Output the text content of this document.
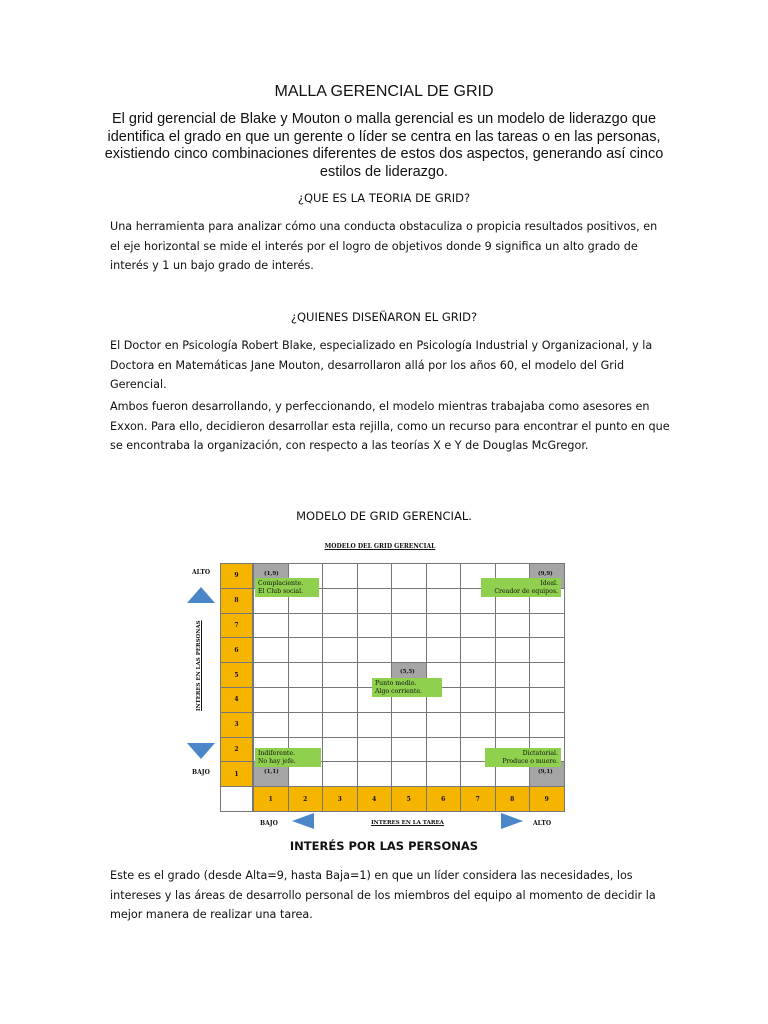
MALLA GERENCIAL DE GRID

El grid gerencial de Blake y Mouton o malla gerencial es un modelo de liderazgo que identifica el grado en que un gerente o líder se centra en las tareas o en las personas, existiendo cinco combinaciones diferentes de estos dos aspectos, generando así cinco estilos de liderazgo.

¿QUE ES LA TEORIA DE GRID?

Una herramienta para analizar cómo una conducta obstaculiza o propicia resultados positivos, en el eje horizontal se mide el interés por el logro de objetivos donde 9 significa un alto grado de interés y 1 un bajo grado de interés.

¿QUIENES DISEÑARON EL GRID?

El Doctor en Psicología Robert Blake, especializado en Psicología Industrial y Organizacional, y la Doctora en Matemáticas Jane Mouton, desarrollaron allá por los años 60, el modelo del Grid Gerencial.

Ambos fueron desarrollando, y perfeccionando, el modelo mientras trabajaba como asesores en Exxon. Para ello, decidieron desarrollar esta rejilla, como un recurso para encontrar el punto en que se encontraba la organización, con respecto a las teorías X e Y de Douglas McGregor.

MODELO DE GRID GERENCIAL.
MODELO DEL GRID GERENCIAL
9
8
7
6
5
4
3
2
1
1	2	3	4	5	6	7	8	9
ALTO
BAJO
INTERES EN LAS PERSONAS
BAJO	ALTO
INTERES EN LA TAREA
(1,9)	(9,9)
(5,5)
(1,1)	(9,1)
Complaciente.
El Club social.
Ideal.
Creador de equipos.
Punto medio.
Algo corriente.
Indiferente.
No hay jefe.
Dictatorial.
Produce o muere.
INTERÉS POR LAS PERSONAS

Este es el grado (desde Alta=9, hasta Baja=1) en que un líder considera las necesidades, los intereses y las áreas de desarrollo personal de los miembros del equipo al momento de decidir la mejor manera de realizar una tarea.
